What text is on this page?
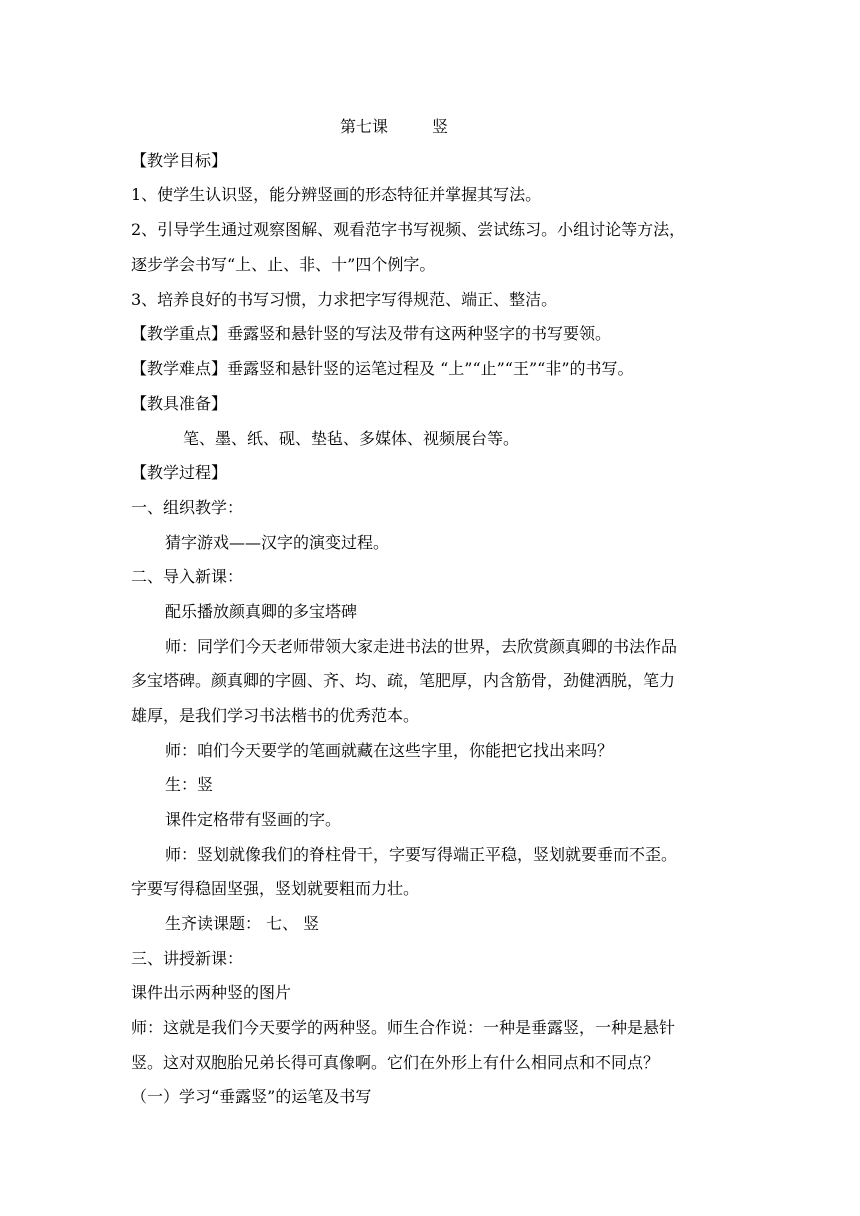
第七课	竖
【教学目标】
1、使学生认识竖，能分辨竖画的形态特征并掌握其写法。
2、引导学生通过观察图解、观看范字书写视频、尝试练习。小组讨论等方法，
逐步学会书写“上、止、非、十”四个例字。
3、培养良好的书写习惯，力求把字写得规范、端正、整洁。
【教学重点】垂露竖和悬针竖的写法及带有这两种竖字的书写要领。
【教学难点】垂露竖和悬针竖的运笔过程及 “上”“止”“王”“非”的书写。
【教具准备】
笔、墨、纸、砚、垫毡、多媒体、视频展台等。
【教学过程】
一、组织教学：
猜字游戏——汉字的演变过程。
二、导入新课：
配乐播放颜真卿的多宝塔碑
师：同学们今天老师带领大家走进书法的世界，去欣赏颜真卿的书法作品
多宝塔碑。颜真卿的字圆、齐、均、疏，笔肥厚，内含筋骨，劲健洒脱，笔力
雄厚，是我们学习书法楷书的优秀范本。
师：咱们今天要学的笔画就藏在这些字里，你能把它找出来吗？
生：竖
课件定格带有竖画的字。
师：竖划就像我们的脊柱骨干，字要写得端正平稳，竖划就要垂而不歪。
字要写得稳固坚强，竖划就要粗而力壮。
生齐读课题： 七、 竖
三、讲授新课：
课件出示两种竖的图片
师：这就是我们今天要学的两种竖。师生合作说：一种是垂露竖，一种是悬针
竖。这对双胞胎兄弟长得可真像啊。它们在外形上有什么相同点和不同点？
（一）学习“垂露竖”的运笔及书写
